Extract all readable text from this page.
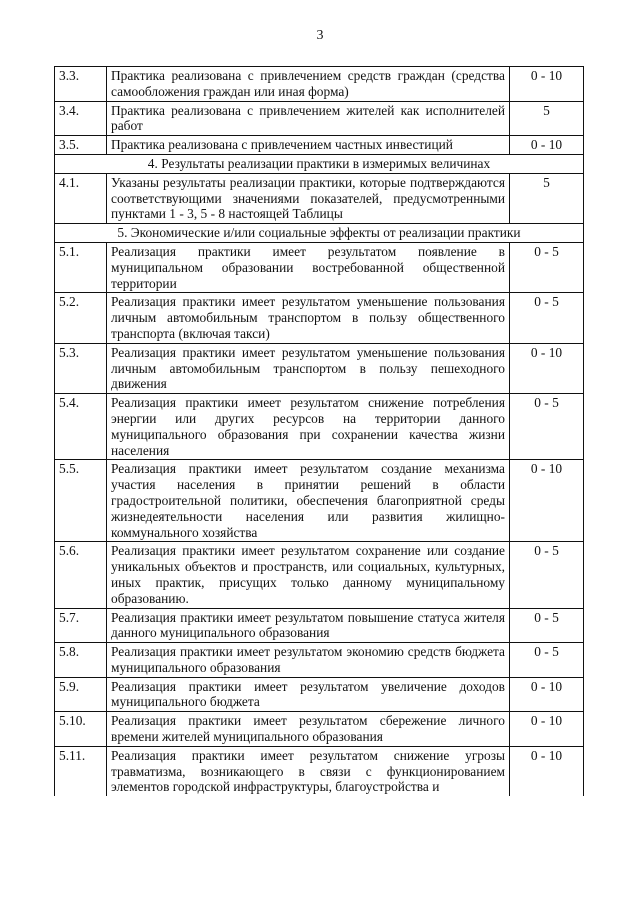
3
3.3.	Практика реализована с привлечением средств граждан (средства самообложения граждан или иная форма)	0 - 10
3.4.	Практика реализована с привлечением жителей как исполнителей работ	5
3.5.	Практика реализована с привлечением частных инвестиций	0 - 10
4. Результаты реализации практики в измеримых величинах		
4.1.	Указаны результаты реализации практики, которые подтверждаются соответствующими значениями показателей, предусмотренными пунктами 1 - 3, 5 - 8 настоящей Таблицы	5
5. Экономические и/или социальные эффекты от реализации практики		
5.1.	Реализация практики имеет результатом появление в муниципальном образовании востребованной общественной территории	0 - 5
5.2.	Реализация практики имеет результатом уменьшение пользования личным автомобильным транспортом в пользу общественного транспорта (включая такси)	0 - 5
5.3.	Реализация практики имеет результатом уменьшение пользования личным автомобильным транспортом в пользу пешеходного движения	0 - 10
5.4.	Реализация практики имеет результатом снижение потребления энергии или других ресурсов на территории данного муниципального образования при сохранении качества жизни населения	0 - 5
5.5.	Реализация практики имеет результатом создание механизма участия населения в принятии решений в области градостроительной политики, обеспечения благоприятной среды жизнедеятельности населения или развития жилищно-коммунального хозяйства	0 - 10
5.6.	Реализация практики имеет результатом сохранение или создание уникальных объектов и пространств, или социальных, культурных, иных практик, присущих только данному муниципальному образованию.	0 - 5
5.7.	Реализация практики имеет результатом повышение статуса жителя данного муниципального образования	0 - 5
5.8.	Реализация практики имеет результатом экономию средств бюджета муниципального образования	0 - 5
5.9.	Реализация практики имеет результатом увеличение доходов муниципального бюджета	0 - 10
5.10.	Реализация практики имеет результатом сбережение личного времени жителей муниципального образования	0 - 10
5.11.	Реализация практики имеет результатом снижение угрозы травматизма, возникающего в связи с функционированием элементов городской инфраструктуры, благоустройства и	0 - 10
